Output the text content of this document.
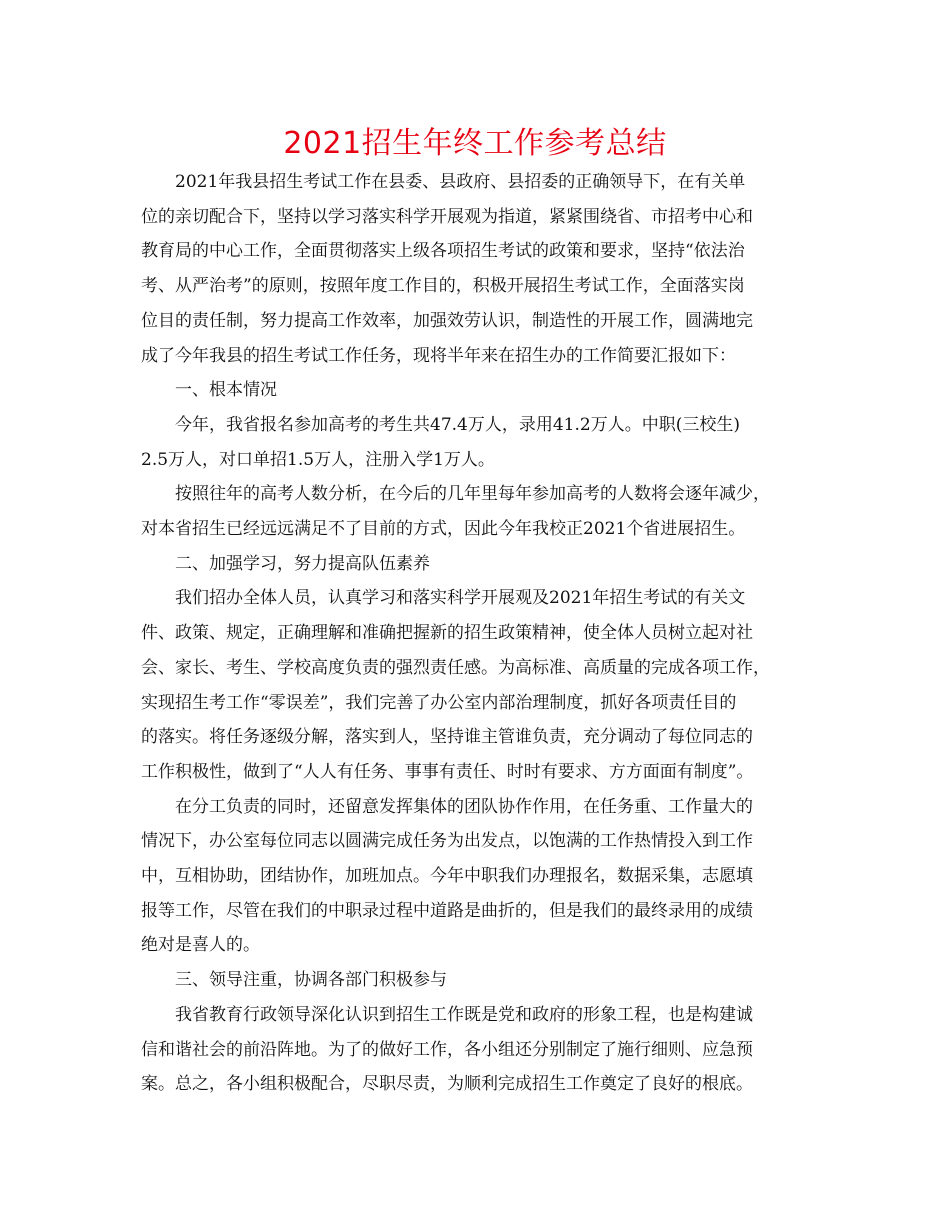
2021招生年终工作参考总结
2021年我县招生考试工作在县委、县政府、县招委的正确领导下，在有关单
位的亲切配合下，坚持以学习落实科学开展观为指道，紧紧围绕省、市招考中心和
教育局的中心工作，全面贯彻落实上级各项招生考试的政策和要求，坚持“依法治
考、从严治考”的原则，按照年度工作目的，积极开展招生考试工作，全面落实岗
位目的责任制，努力提高工作效率，加强效劳认识，制造性的开展工作，圆满地完
成了今年我县的招生考试工作任务，现将半年来在招生办的工作简要汇报如下：
一、根本情况
今年，我省报名参加高考的考生共47.4万人，录用41.2万人。中职(三校生)
2.5万人，对口单招1.5万人，注册入学1万人。
按照往年的高考人数分析，在今后的几年里每年参加高考的人数将会逐年减少，
对本省招生已经远远满足不了目前的方式，因此今年我校正2021个省进展招生。
二、加强学习，努力提高队伍素养
我们招办全体人员，认真学习和落实科学开展观及2021年招生考试的有关文
件、政策、规定，正确理解和准确把握新的招生政策精神，使全体人员树立起对社
会、家长、考生、学校高度负责的强烈责任感。为高标准、高质量的完成各项工作，
实现招生考工作“零误差”，我们完善了办公室内部治理制度，抓好各项责任目的
的落实。将任务逐级分解，落实到人，坚持谁主管谁负责，充分调动了每位同志的
工作积极性，做到了“人人有任务、事事有责任、时时有要求、方方面面有制度”。
在分工负责的同时，还留意发挥集体的团队协作作用，在任务重、工作量大的
情况下，办公室每位同志以圆满完成任务为出发点，以饱满的工作热情投入到工作
中，互相协助，团结协作，加班加点。今年中职我们办理报名，数据采集，志愿填
报等工作，尽管在我们的中职录过程中道路是曲折的，但是我们的最终录用的成绩
绝对是喜人的。
三、领导注重，协调各部门积极参与
我省教育行政领导深化认识到招生工作既是党和政府的形象工程，也是构建诚
信和谐社会的前沿阵地。为了的做好工作，各小组还分别制定了施行细则、应急预
案。总之，各小组积极配合，尽职尽责，为顺利完成招生工作奠定了良好的根底。
